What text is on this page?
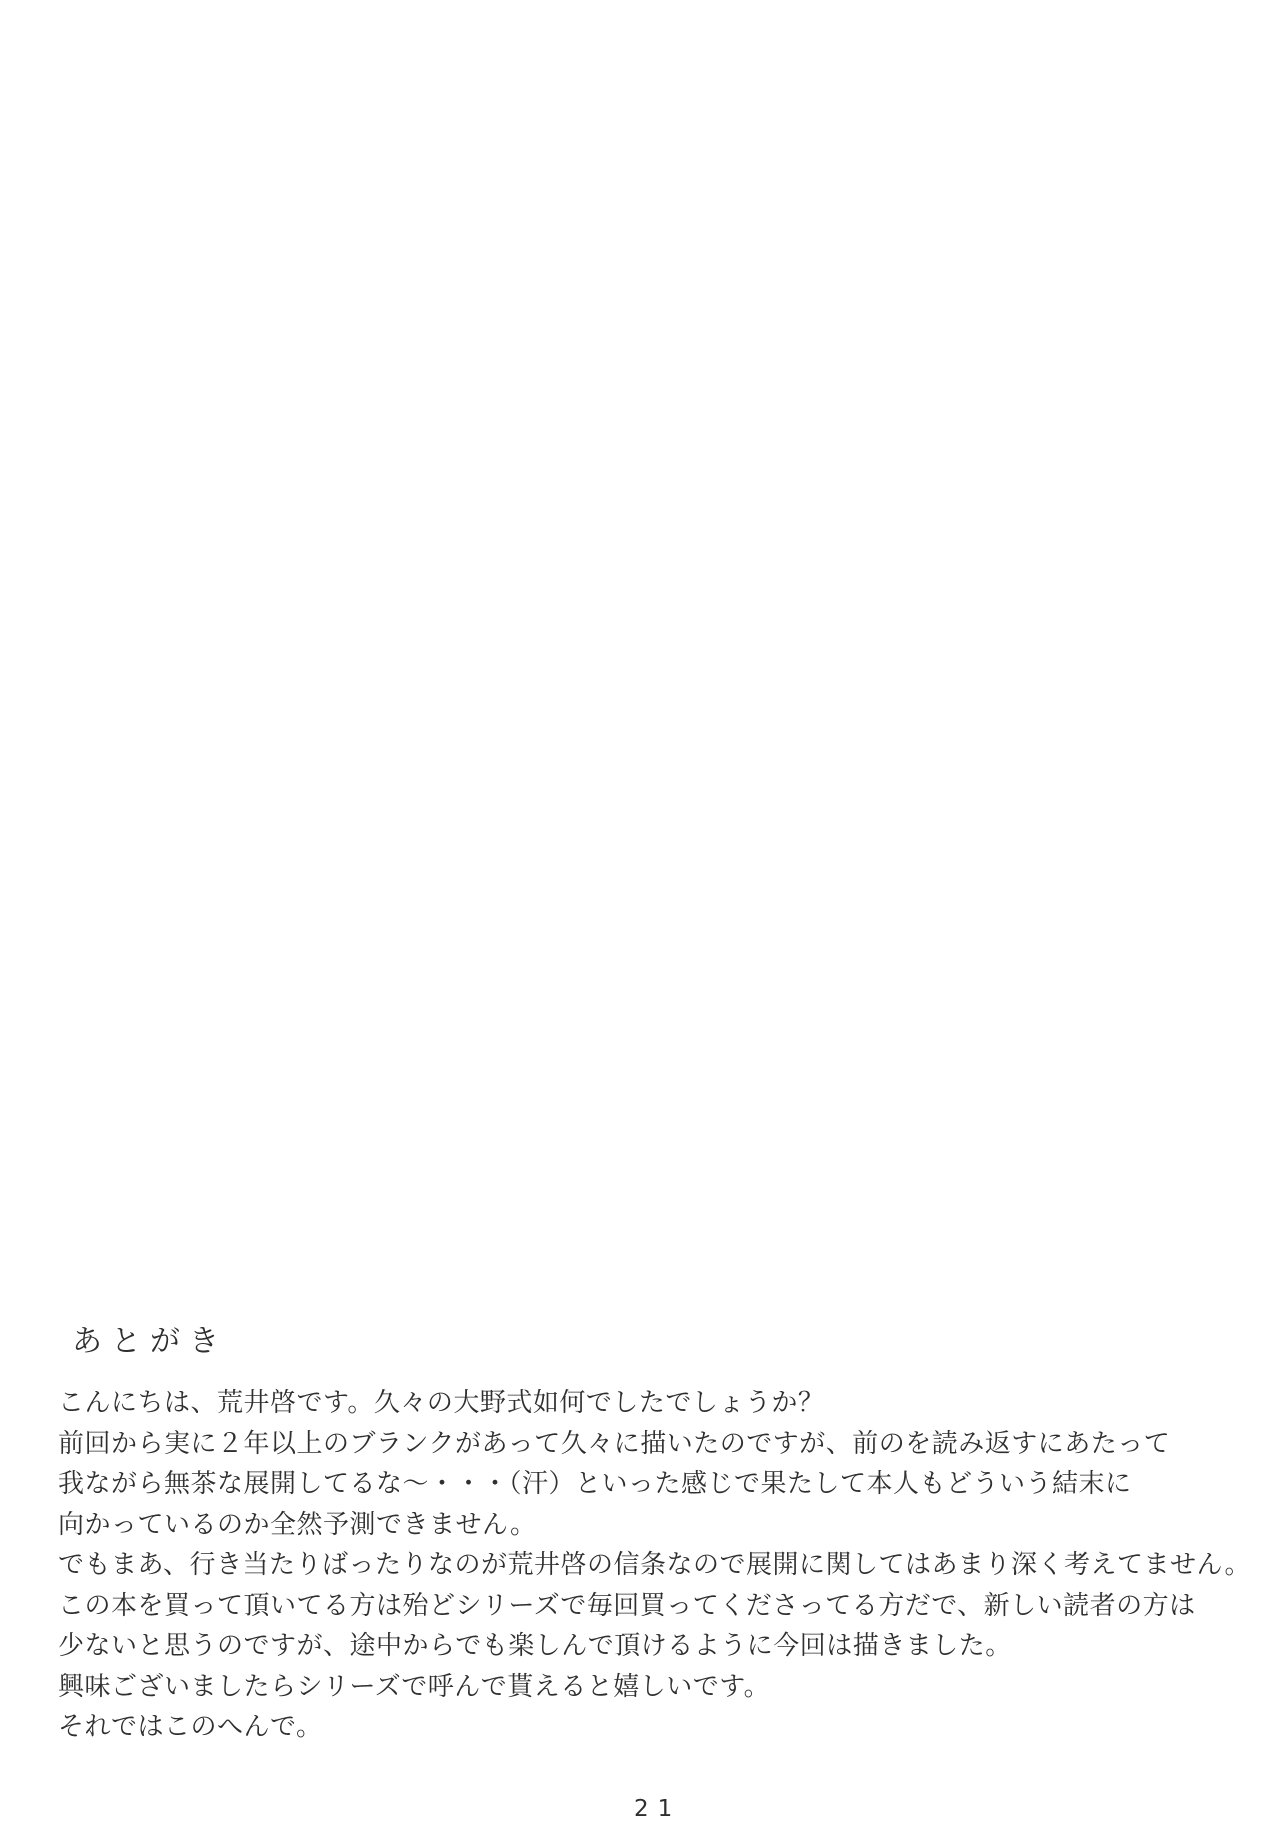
あとがき
こんにちは、荒井啓です。久々の大野式如何でしたでしょうか？
前回から実に２年以上のブランクがあって久々に描いたのですが、前のを読み返すにあたって
我ながら無茶な展開してるな〜・・・（汗）といった感じで果たして本人もどういう結末に
向かっているのか全然予測できません。
でもまあ、行き当たりばったりなのが荒井啓の信条なので展開に関してはあまり深く考えてません。
この本を買って頂いてる方は殆どシリーズで毎回買ってくださってる方だで、新しい読者の方は
少ないと思うのですが、途中からでも楽しんで頂けるように今回は描きました。
興味ございましたらシリーズで呼んで貰えると嬉しいです。
それではこのへんで。
21
